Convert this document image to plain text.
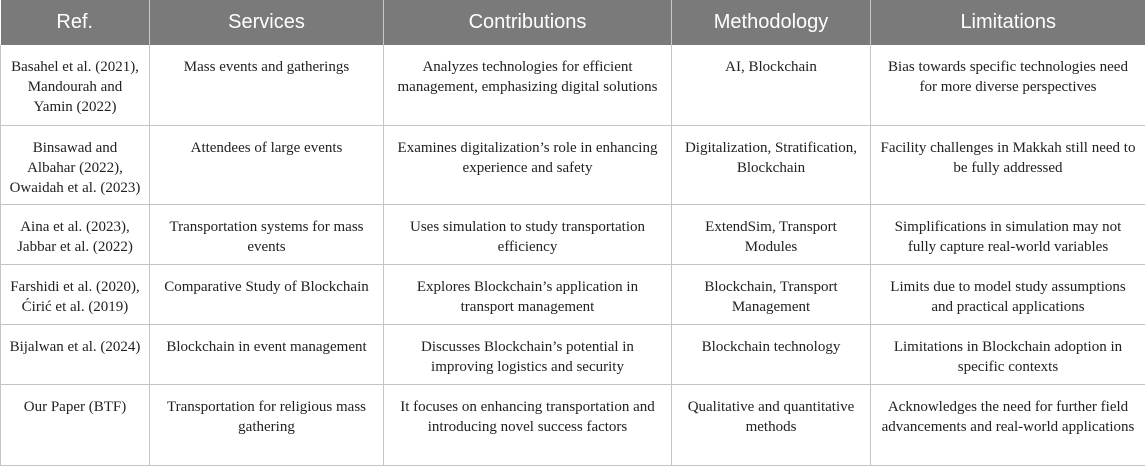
Ref.	Services	Contributions	Methodology	Limitations
Basahel et al. (2021), Mandourah and Yamin (2022)	Mass events and gatherings	Analyzes technologies for efficient management, emphasizing digital solutions	AI, Blockchain	Bias towards specific technologies need for more diverse perspectives
Binsawad and Albahar (2022), Owaidah et al. (2023)	Attendees of large events	Examines digitalization’s role in enhancing experience and safety	Digitalization, Stratification, Blockchain	Facility challenges in Makkah still need to be fully addressed
Aina et al. (2023), Jabbar et al. (2022)	Transportation systems for mass events	Uses simulation to study transportation efficiency	ExtendSim, Transport Modules	Simplifications in simulation may not fully capture real-world variables
Farshidi et al. (2020), Ćirić et al. (2019)	Comparative Study of Blockchain	Explores Blockchain’s application in transport management	Blockchain, Transport Management	Limits due to model study assumptions and practical applications
Bijalwan et al. (2024)	Blockchain in event management	Discusses Blockchain’s potential in improving logistics and security	Blockchain technology	Limitations in Blockchain adoption in specific contexts
Our Paper (BTF)	Transportation for religious mass gathering	It focuses on enhancing transportation and introducing novel success factors	Qualitative and quantitative methods	Acknowledges the need for further field advancements and real-world applications
